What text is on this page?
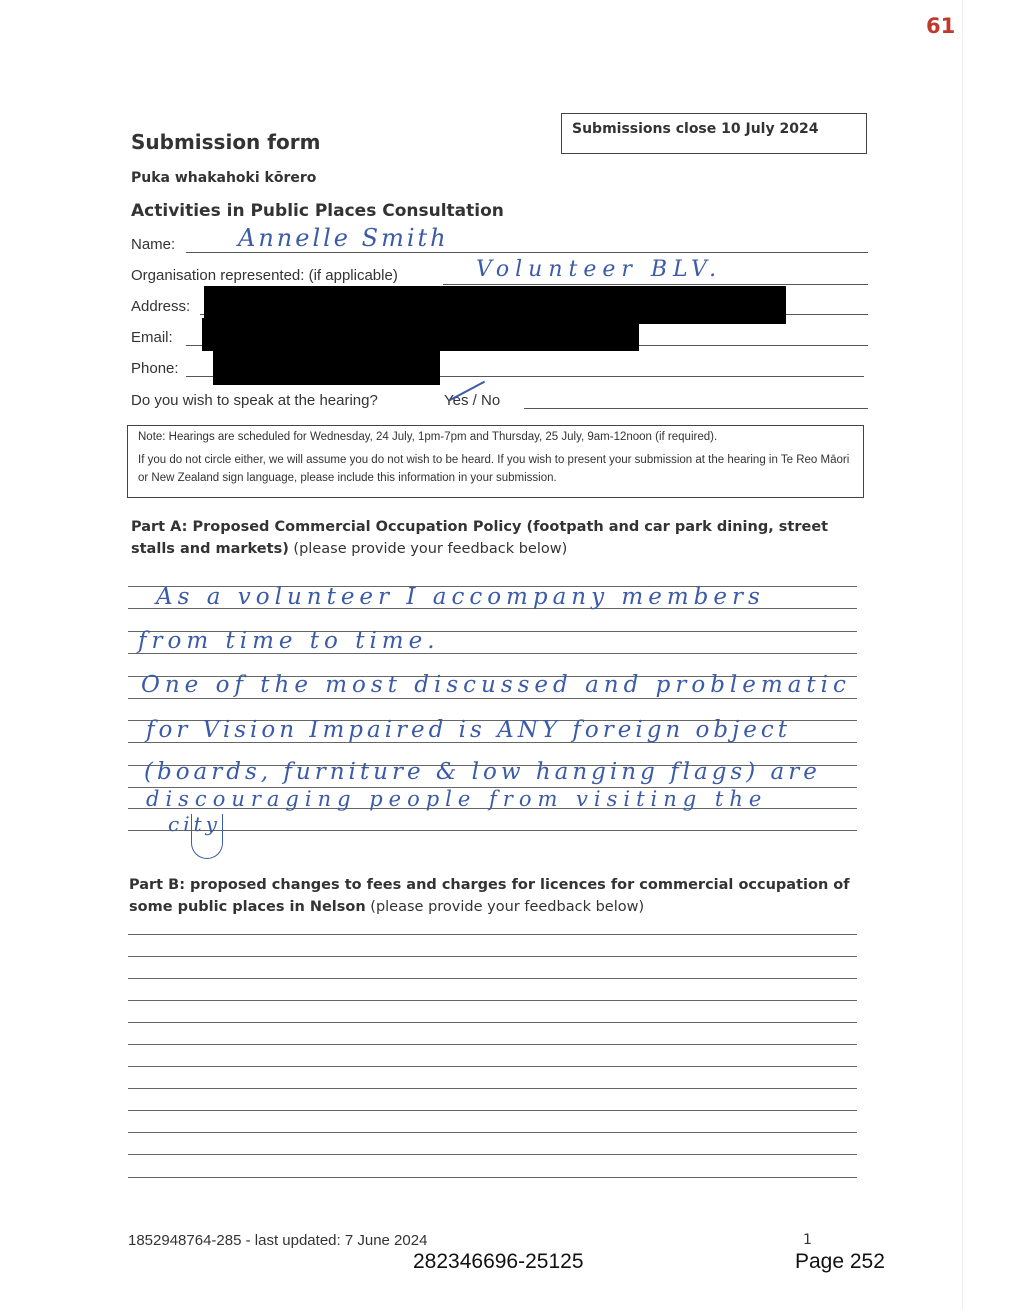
61
Submissions close 10 July 2024
Submission form
Puka whakahoki kōrero
Activities in Public Places Consultation
Name:	Annelle Smith
Organisation represented: (if applicable)	Volunteer BLV.
Address:
Email:
Phone:
Do you wish to speak at the hearing?	Yes / No

Note: Hearings are scheduled for Wednesday, 24 July, 1pm-7pm and Thursday, 25 July, 9am-12noon (if required).

If you do not circle either, we will assume you do not wish to be heard. If you wish to present your submission at the hearing in Te Reo Māori or New Zealand sign language, please include this information in your submission.

Part A: Proposed Commercial Occupation Policy (footpath and car park dining, street stalls and markets) (please provide your feedback below)
As a volunteer I accompany members
from time to time.
One of the most discussed and problematic
for Vision Impaired is ANY foreign object
(boards, furniture & low hanging flags) are
discouraging people from visiting the
city
Part B: proposed changes to fees and charges for licences for commercial occupation of some public places in Nelson (please provide your feedback below)
1852948764-285 - last updated: 7 June 2024	1
282346696-25125	Page 252
